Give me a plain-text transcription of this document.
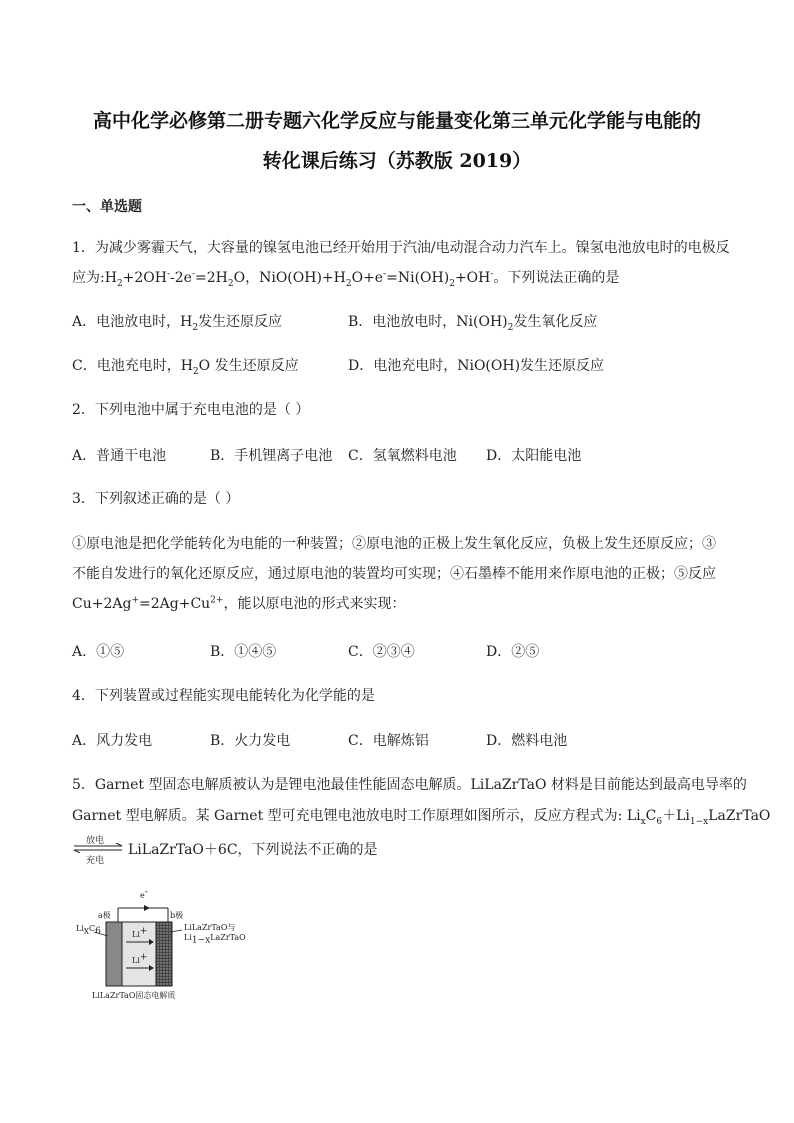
高中化学必修第二册专题六化学反应与能量变化第三单元化学能与电能的
转化课后练习（苏教版 2019）
一、单选题
1．为减少雾霾天气，大容量的镍氢电池已经开始用于汽油/电动混合动力汽车上。镍氢电池放电时的电极反
应为$:H_2+2OH^--2e^-=2H_2O$，$NiO(OH)+H_2O+e^-=Ni(OH)_2+OH^-$。下列说法正确的是
A．电池放电时，$H_2$发生还原反应	B．电池放电时，$Ni(OH)_2$发生氧化反应
C．电池充电时，$H_2O$ 发生还原反应	D．电池充电时，NiO(OH)发生还原反应
2．下列电池中属于充电电池的是（ ）
A．普通干电池	B．手机锂离子电池 C．氢氧燃料电池 D．太阳能电池
3．下列叙述正确的是（ ）
①原电池是把化学能转化为电能的一种装置；②原电池的正极上发生氧化反应，负极上发生还原反应；③
不能自发进行的氧化还原反应，通过原电池的装置均可实现；④石墨棒不能用来作原电池的正极；⑤反应
$Cu+2Ag^+=2Ag+Cu^{2+}$，能以原电池的形式来实现：
A．①⑤	B．①④⑤	C．②③④	D．②⑤
4．下列装置或过程能实现电能转化为化学能的是
A．风力发电	B．火力发电	C．电解炼铝	D．燃料电池
5．Garnet 型固态电解质被认为是锂电池最佳性能固态电解质。LiLaZrTaO 材料是目前能达到最高电导率的
Garnet 型电解质。某 Garnet 型可充电锂电池放电时工作原理如图所示，反应方程式为: $Li_xC_6+Li_{1-x}LaZrTaO$
放电
充电
LiLaZrTaO＋6C，下列说法不正确的是
e-
a极	b极
$Li_xC_6$	LiLaZrTaO与
$Li_{1-x}LaZrTaO$
Li+
Li+
LiLaZrTaO固态电解质
